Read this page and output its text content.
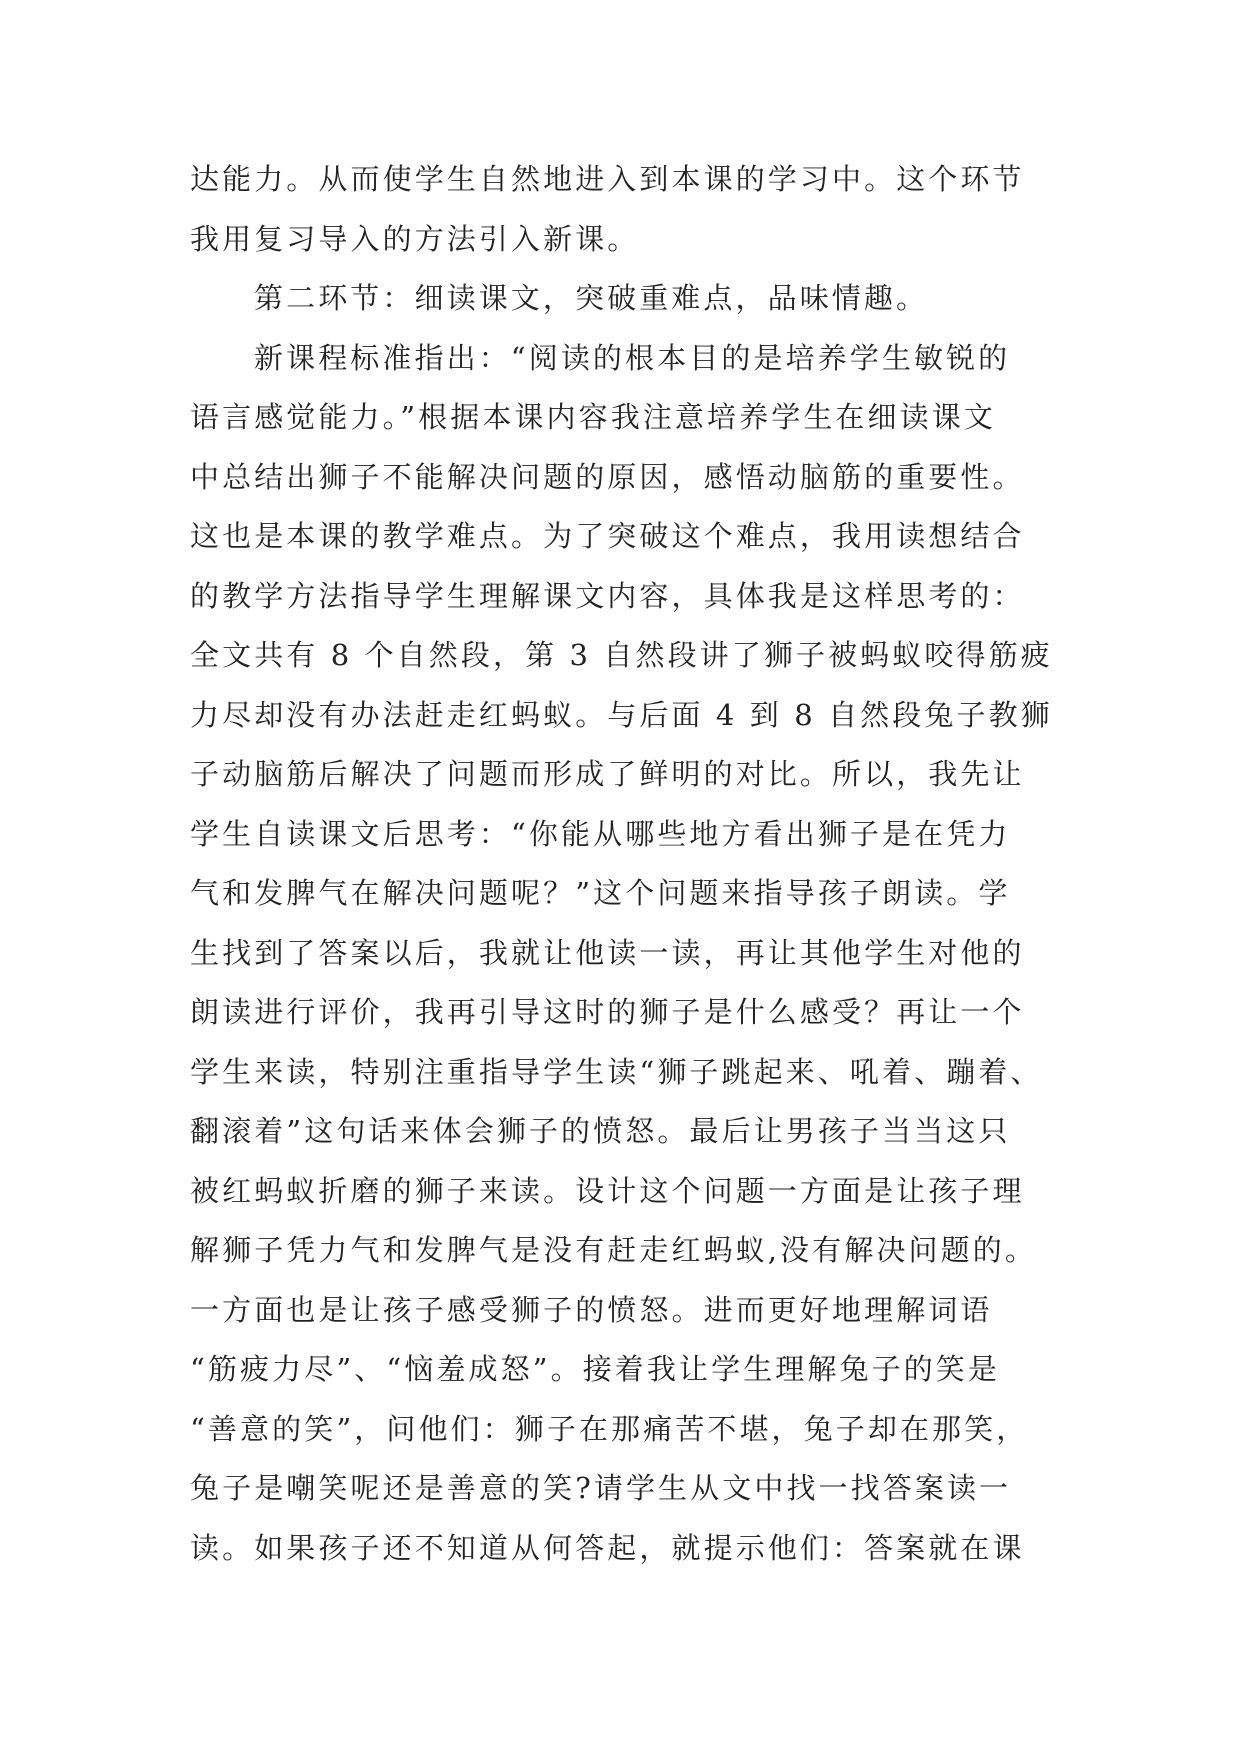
达能力。从而使学生自然地进入到本课的学习中。这个环节
我用复习导入的方法引入新课。
第二环节：细读课文，突破重难点，品味情趣。
新课程标准指出：“阅读的根本目的是培养学生敏锐的
语言感觉能力。”根据本课内容我注意培养学生在细读课文
中总结出狮子不能解决问题的原因，感悟动脑筋的重要性。
这也是本课的教学难点。为了突破这个难点，我用读想结合
的教学方法指导学生理解课文内容，具体我是这样思考的：
全文共有 8 个自然段，第 3 自然段讲了狮子被蚂蚁咬得筋疲
力尽却没有办法赶走红蚂蚁。与后面 4 到 8 自然段兔子教狮
子动脑筋后解决了问题而形成了鲜明的对比。所以，我先让
学生自读课文后思考：“你能从哪些地方看出狮子是在凭力
气和发脾气在解决问题呢？”这个问题来指导孩子朗读。学
生找到了答案以后，我就让他读一读，再让其他学生对他的
朗读进行评价，我再引导这时的狮子是什么感受？再让一个
学生来读，特别注重指导学生读“狮子跳起来、吼着、蹦着、
翻滚着”这句话来体会狮子的愤怒。最后让男孩子当当这只
被红蚂蚁折磨的狮子来读。设计这个问题一方面是让孩子理
解狮子凭力气和发脾气是没有赶走红蚂蚁,没有解决问题的。
一方面也是让孩子感受狮子的愤怒。进而更好地理解词语
“筋疲力尽”、“恼羞成怒”。接着我让学生理解兔子的笑是
“善意的笑”，问他们：狮子在那痛苦不堪，兔子却在那笑，
兔子是嘲笑呢还是善意的笑?请学生从文中找一找答案读一
读。如果孩子还不知道从何答起，就提示他们：答案就在课
